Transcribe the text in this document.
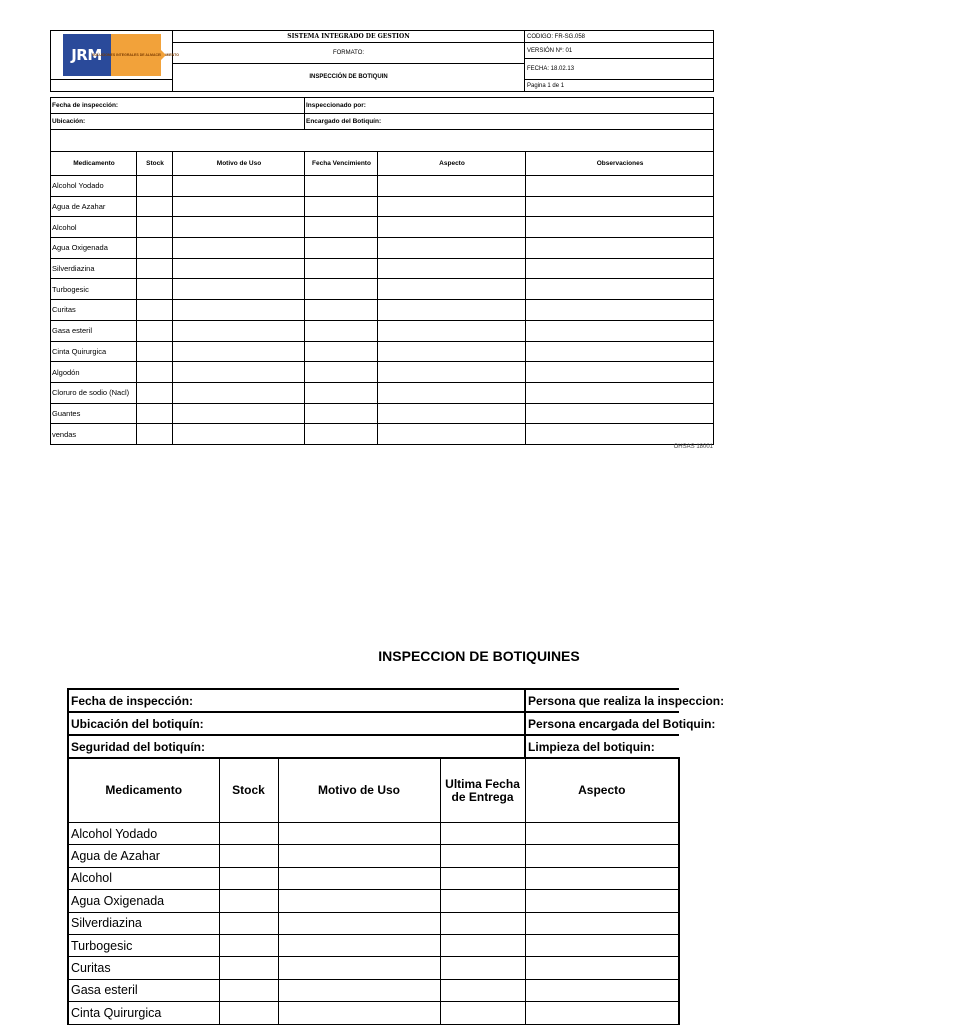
JRM
SOLUCIONES INTEGRALES DE ALMACENAMIENTO	SISTEMA INTEGRADO DE GESTION	CODIGO: FR-SG.058
	FORMATO:	VERSIÓN Nº: 01
		FECHA: 18.02.13
	INSPECCIÓN DE BOTIQUIN	
		Pagina 1 de 1
Fecha de inspección:			Inspeccionado por:		
Ubicación:			Encargado del Botiquín:		

Medicamento	Stock	Motivo de Uso	Fecha Vencimiento	Aspecto	Observaciones
Alcohol Yodado					
Agua de Azahar					
Alcohol					
Agua Oxigenada					
Silverdiazina					
Turbogesic					
Curitas					
Gasa esteril					
Cinta Quirurgica					
Algodón					
Cloruro de sodio (Nacl)					
Guantes					
vendas					
OHSAS 18001
INSPECCION DE BOTIQUINES
Fecha de inspección:				Persona que realiza la inspeccion:
Ubicación del botiquín:				Persona encargada del Botiquin:
Seguridad del botiquín:				Limpieza del botiquin:
Medicamento	Stock	Motivo de Uso	Ultima Fecha de Entrega	Aspecto
Alcohol Yodado				
Agua de Azahar				
Alcohol				
Agua Oxigenada				
Silverdiazina				
Turbogesic				
Curitas				
Gasa esteril				
Cinta Quirurgica				
